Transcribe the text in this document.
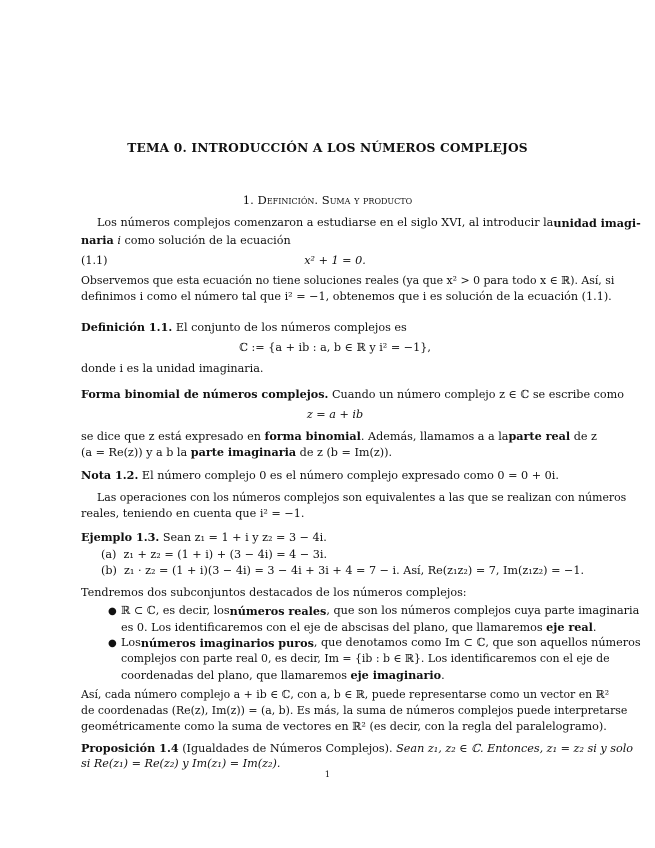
TEMA 0. INTRODUCCIÓN A LOS NÚMEROS COMPLEJOS
1. Definición. Suma y producto
Los números complejos comenzaron a estudiarse en el siglo XVI, al introducir la unidad imagi-
naria i como solución de la ecuación
(1.1)	x² + 1 = 0.
Observemos que esta ecuación no tiene soluciones reales (ya que x² > 0 para todo x ∈ ℝ). Así, si
definimos i como el número tal que i² = −1, obtenemos que i es solución de la ecuación (1.1).
Definición 1.1. El conjunto de los números complejos es
ℂ := {a + ib : a, b ∈ ℝ y i² = −1},
donde i es la unidad imaginaria.
Forma binomial de números complejos. Cuando un número complejo z ∈ ℂ se escribe como
z = a + ib
se dice que z está expresado en forma binomial. Además, llamamos a a la parte real de z
(a = Re(z)) y a b la parte imaginaria de z (b = Im(z)).
Nota 1.2. El número complejo 0 es el número complejo expresado como 0 = 0 + 0i.
Las operaciones con los números complejos son equivalentes a las que se realizan con números
reales, teniendo en cuenta que i² = −1.
Ejemplo 1.3. Sean z₁ = 1 + i y z₂ = 3 − 4i.
(a) z₁ + z₂ = (1 + i) + (3 − 4i) = 4 − 3i.
(b) z₁ · z₂ = (1 + i)(3 − 4i) = 3 − 4i + 3i + 4 = 7 − i. Así, Re(z₁z₂) = 7, Im(z₁z₂) = −1.
Tendremos dos subconjuntos destacados de los números complejos:
● ℝ ⊂ ℂ, es decir, los números reales , que son los números complejos cuya parte imaginaria
es 0. Los identificaremos con el eje de abscisas del plano, que llamaremos eje real.
● Los números imaginarios puros , que denotamos como Im ⊂ ℂ, que son aquellos números
complejos con parte real 0, es decir, Im = {ib : b ∈ ℝ}. Los identificaremos con el eje de
coordenadas del plano, que llamaremos eje imaginario.
Así, cada número complejo a + ib ∈ ℂ, con a, b ∈ ℝ, puede representarse como un vector en ℝ²
de coordenadas (Re(z), Im(z)) = (a, b). Es más, la suma de números complejos puede interpretarse
geométricamente como la suma de vectores en ℝ² (es decir, con la regla del paralelogramo).
Proposición 1.4 (Igualdades de Números Complejos). Sean z₁, z₂ ∈ ℂ. Entonces, z₁ = z₂ si y solo
si Re(z₁) = Re(z₂) y Im(z₁) = Im(z₂).
1
